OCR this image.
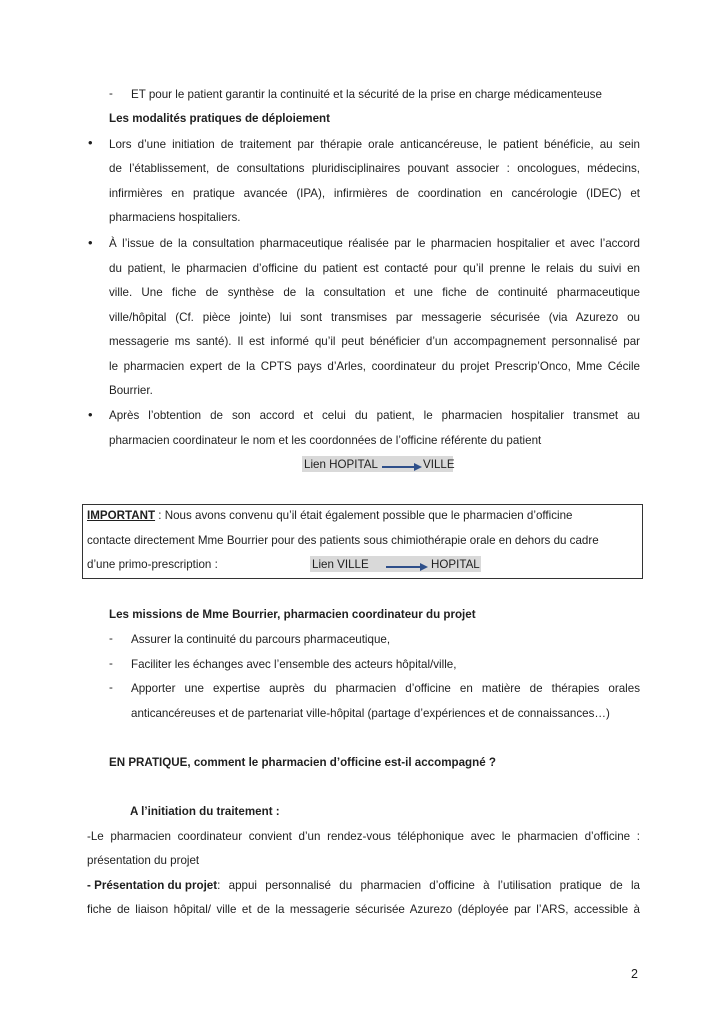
- ET pour le patient garantir la continuité et la sécurité de la prise en charge médicamenteuse
Les modalités pratiques de déploiement
• Lors d’une initiation de traitement par thérapie orale anticancéreuse, le patient bénéficie, au sein
de l’établissement, de consultations pluridisciplinaires pouvant associer : oncologues, médecins,
infirmières en pratique avancée (IPA), infirmières de coordination en cancérologie (IDEC) et
pharmaciens hospitaliers.
• À l’issue de la consultation pharmaceutique réalisée par le pharmacien hospitalier et avec l’accord
du patient, le pharmacien d’officine du patient est contacté pour qu’il prenne le relais du suivi en
ville. Une fiche de synthèse de la consultation et une fiche de continuité pharmaceutique
ville/hôpital (Cf. pièce jointe) lui sont transmises par messagerie sécurisée (via Azurezo ou
messagerie ms santé). Il est informé qu’il peut bénéficier d’un accompagnement personnalisé par
le pharmacien expert de la CPTS pays d’Arles, coordinateur du projet Prescrip’Onco, Mme Cécile
Bourrier.
• Après l’obtention de son accord et celui du patient, le pharmacien hospitalier transmet au
pharmacien coordinateur le nom et les coordonnées de l’officine référente du patient
Lien HOPITAL	VILLE
IMPORTANT : Nous avons convenu qu’il était également possible que le pharmacien d’officine
contacte directement Mme Bourrier pour des patients sous chimiothérapie orale en dehors du cadre
d’une primo-prescription :	Lien VILLE	HOPITAL
Les missions de Mme Bourrier, pharmacien coordinateur du projet
- Assurer la continuité du parcours pharmaceutique,
- Faciliter les échanges avec l’ensemble des acteurs hôpital/ville,
- Apporter une expertise auprès du pharmacien d’officine en matière de thérapies orales
anticancéreuses et de partenariat ville-hôpital (partage d’expériences et de connaissances…)
EN PRATIQUE, comment le pharmacien d’officine est-il accompagné ?
A l’initiation du traitement :
-Le pharmacien coordinateur convient d’un rendez-vous téléphonique avec le pharmacien d’officine :
présentation du projet
- Présentation du projet : appui personnalisé du pharmacien d’officine à l’utilisation pratique de la
fiche de liaison hôpital/ ville et de la messagerie sécurisée Azurezo (déployée par l’ARS, accessible à
2
